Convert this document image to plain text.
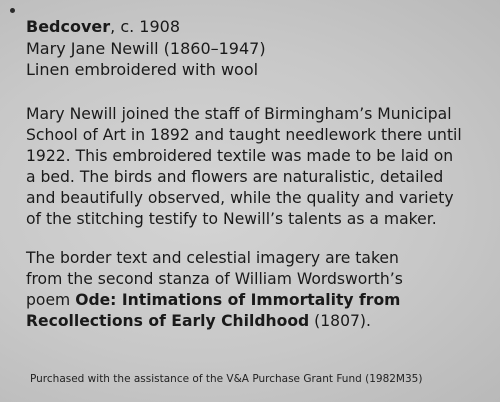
Bedcover, c. 1908
Mary Jane Newill (1860–1947)
Linen embroidered with wool

Mary Newill joined the staff of Birmingham’s Municipal
School of Art in 1892 and taught needlework there until
1922. This embroidered textile was made to be laid on
a bed. The birds and flowers are naturalistic, detailed
and beautifully observed, while the quality and variety
of the stitching testify to Newill’s talents as a maker.

The border text and celestial imagery are taken
from the second stanza of William Wordsworth’s
poem Ode: Intimations of Immortality from
Recollections of Early Childhood (1807).

Purchased with the assistance of the V&A Purchase Grant Fund (1982M35)
